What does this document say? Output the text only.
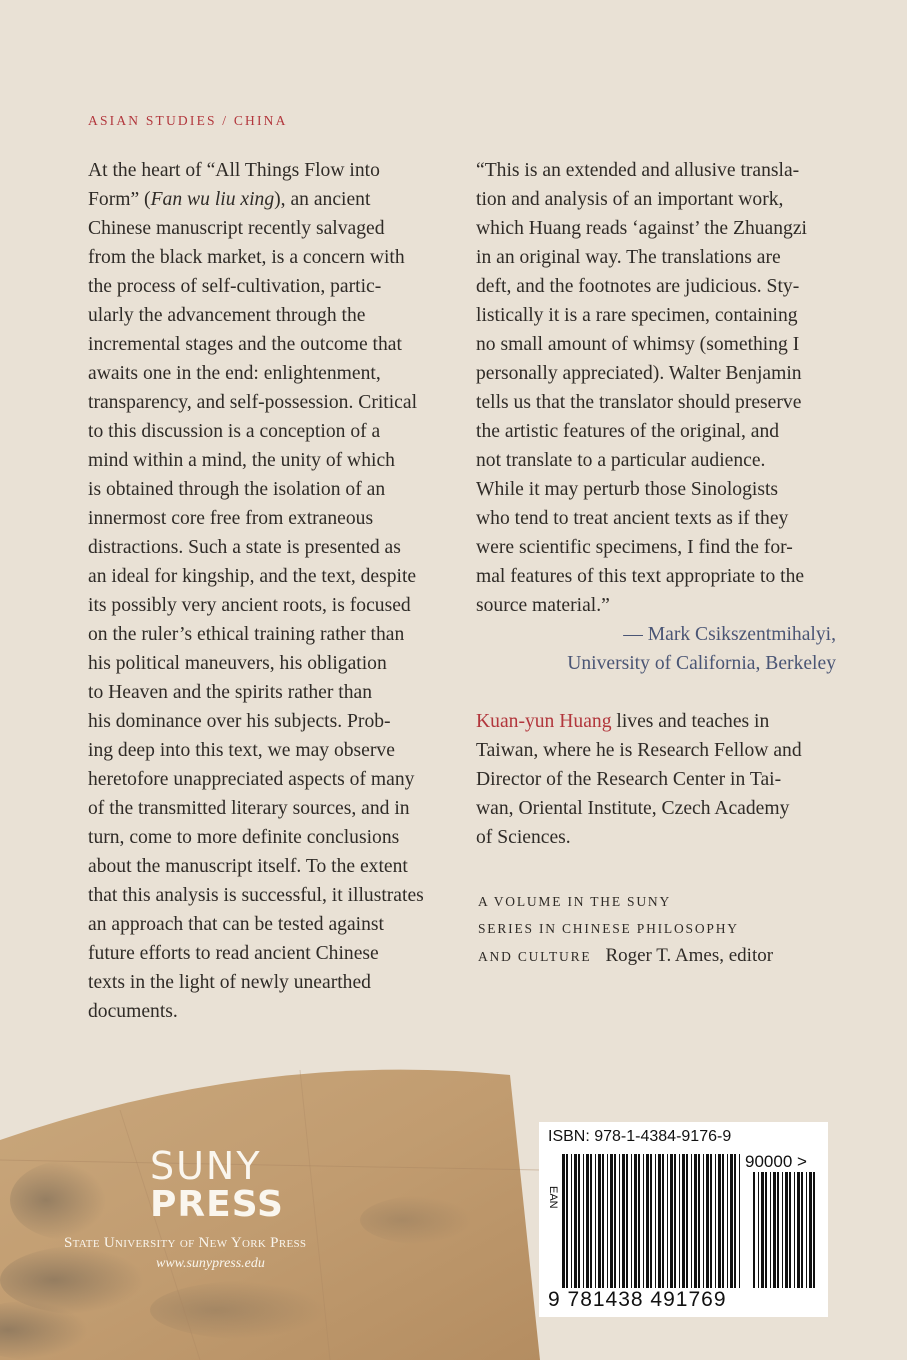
ASIAN STUDIES / CHINA
At the heart of “All Things Flow into
Form” (Fan wu liu xing), an ancient
Chinese manuscript recently salvaged
from the black market, is a concern with
the process of self-cultivation, partic-
ularly the advancement through the
incremental stages and the outcome that
awaits one in the end: enlightenment,
transparency, and self-possession. Critical
to this discussion is a conception of a
mind within a mind, the unity of which
is obtained through the isolation of an
innermost core free from extraneous
distractions. Such a state is presented as
an ideal for kingship, and the text, despite
its possibly very ancient roots, is focused
on the ruler’s ethical training rather than
his political maneuvers, his obligation
to Heaven and the spirits rather than
his dominance over his subjects. Prob-
ing deep into this text, we may observe
heretofore unappreciated aspects of many
of the transmitted literary sources, and in
turn, come to more definite conclusions
about the manuscript itself. To the extent
that this analysis is successful, it illustrates
an approach that can be tested against
future efforts to read ancient Chinese
texts in the light of newly unearthed
documents.
“This is an extended and allusive transla-
tion and analysis of an important work,
which Huang reads ‘against’ the Zhuangzi
in an original way. The translations are
deft, and the footnotes are judicious. Sty-
listically it is a rare specimen, containing
no small amount of whimsy (something I
personally appreciated). Walter Benjamin
tells us that the translator should preserve
the artistic features of the original, and
not translate to a particular audience.
While it may perturb those Sinologists
who tend to treat ancient texts as if they
were scientific specimens, I find the for-
mal features of this text appropriate to the
source material.”
— Mark Csikszentmihalyi,
University of California, Berkeley
Kuan-yun Huang lives and teaches in
Taiwan, where he is Research Fellow and
Director of the Research Center in Tai-
wan, Oriental Institute, Czech Academy
of Sciences.
A VOLUME IN THE SUNY
SERIES IN CHINESE PHILOSOPHY
AND CULTURE Roger T. Ames, editor
SUNY
PRESS
State University of New York Press
www.sunypress.edu
ISBN: 978-1-4384-9176-9
EAN
90000 >
9 781438 491769
